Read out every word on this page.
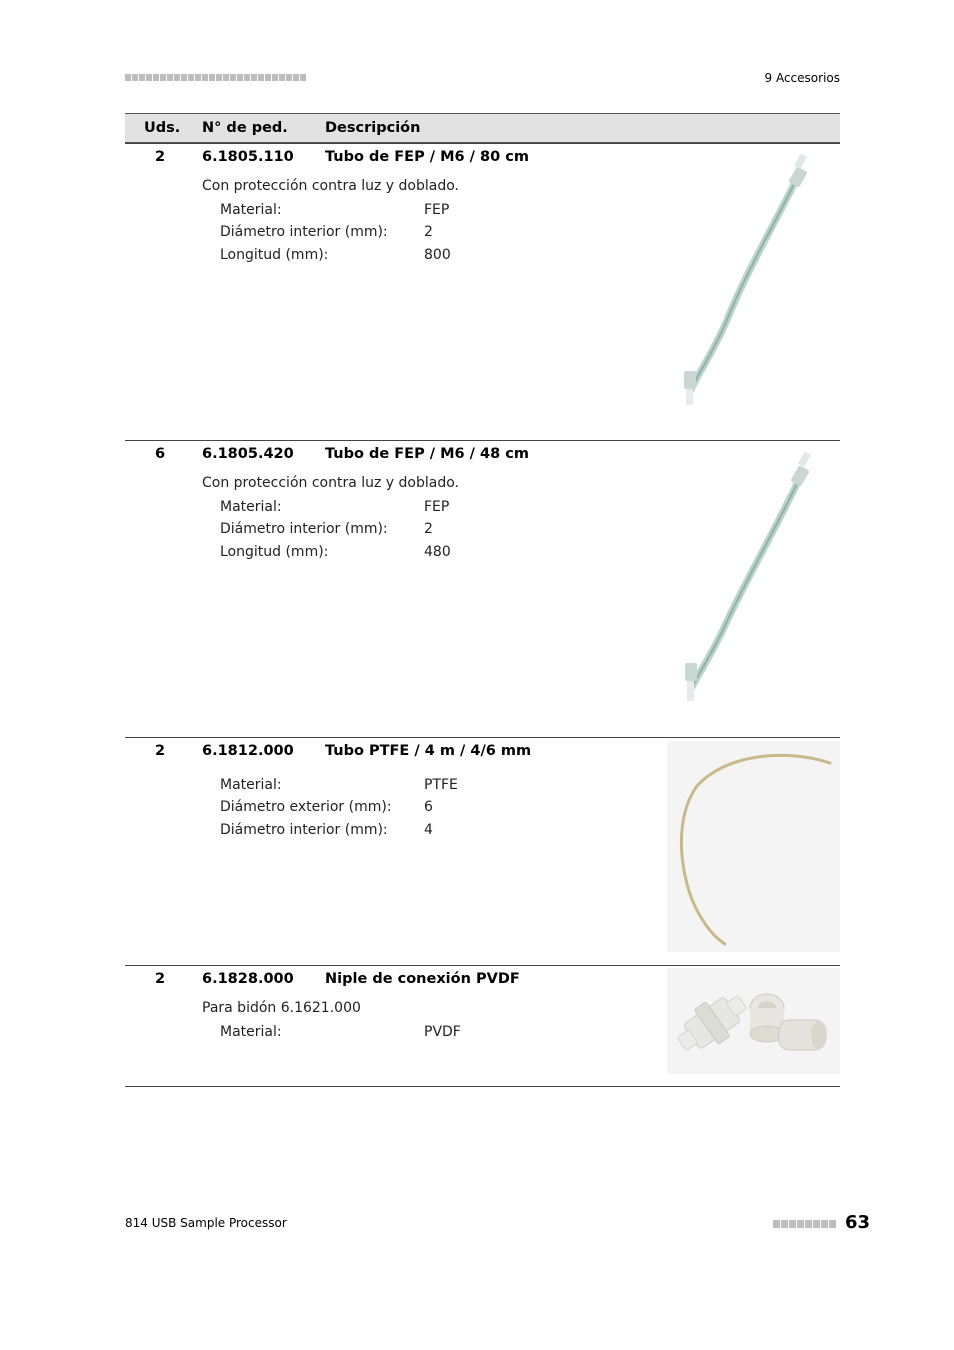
9 Accesorios
Uds. N° de ped.	Descripción
2	6.1805.110 Tubo de FEP / M6 / 80 cm
Con protección contra luz y doblado.
Material:	FEP
Diámetro interior (mm):	2
Longitud (mm):	800
6	6.1805.420 Tubo de FEP / M6 / 48 cm
Con protección contra luz y doblado.
Material:	FEP
Diámetro interior (mm):	2
Longitud (mm):	480
2	6.1812.000 Tubo PTFE / 4 m / 4/6 mm
Material:	PTFE
Diámetro exterior (mm): 6
Diámetro interior (mm):	4
2	6.1828.000 Niple de conexión PVDF
Para bidón 6.1621.000
Material:	PVDF
814 USB Sample Processor	63
